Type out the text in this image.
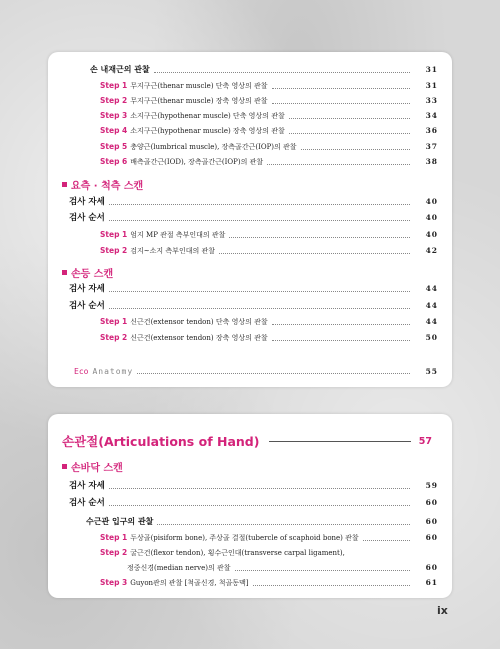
손 내재근의 관찰	31
Step 1 무지구근(thenar muscle) 단축 영상의 관찰	31
Step 2 무지구근(thenar muscle) 장축 영상의 관찰	33
Step 3 소지구근(hypothenar muscle) 단축 영상의 관찰	34
Step 4 소지구근(hypothenar muscle) 장축 영상의 관찰	36
Step 5 충양근(lumbrical muscle), 장측골간근(IOP)의 관찰	37
Step 6 배측골간근(IOD), 장측골간근(IOP)의 관찰	38
요측 · 척측 스캔
검사 자세	40
검사 순서	40
Step 1 엄지 MP 관절 측부인대의 관찰	40
Step 2 검지~소지 측부인대의 관찰	42
손등 스캔
검사 자세	44
검사 순서	44
Step 1 신근건(extensor tendon) 단축 영상의 관찰	44
Step 2 신근건(extensor tendon) 장축 영상의 관찰	50
Eco Anatomy	55
손관절(Articulations of Hand)	57
손바닥 스캔
검사 자세	59
검사 순서	60
수근관 입구의 관찰	60
Step 1 두상골(pisiform bone), 주상골 결절(tubercle of scaphoid bone) 관찰	60
Step 2 굴근건(flexor tendon), 횡수근인대(transverse carpal ligament),
정중신경(median nerve)의 관찰	60
Step 3 Guyon관의 관찰 [척골신경, 척골동맥]	61
ix
